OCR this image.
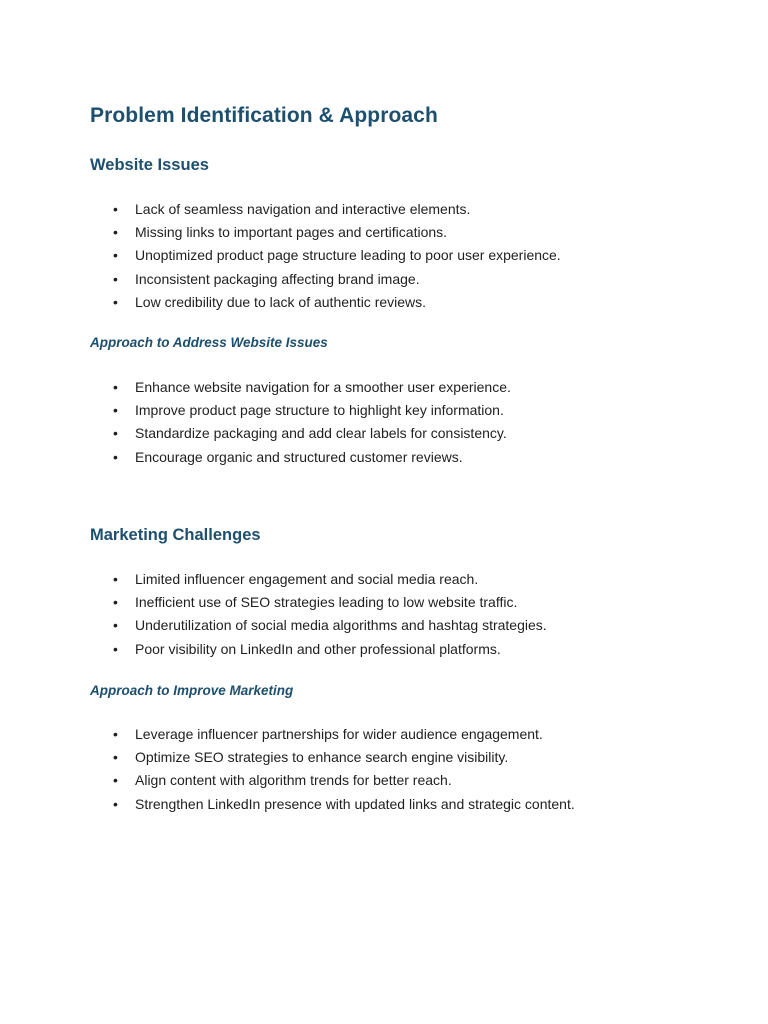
Problem Identification & Approach
Website Issues
• Lack of seamless navigation and interactive elements.
• Missing links to important pages and certifications.
• Unoptimized product page structure leading to poor user experience.
• Inconsistent packaging affecting brand image.
• Low credibility due to lack of authentic reviews.
Approach to Address Website Issues
• Enhance website navigation for a smoother user experience.
• Improve product page structure to highlight key information.
• Standardize packaging and add clear labels for consistency.
• Encourage organic and structured customer reviews.
Marketing Challenges
• Limited influencer engagement and social media reach.
• Inefficient use of SEO strategies leading to low website traffic.
• Underutilization of social media algorithms and hashtag strategies.
• Poor visibility on LinkedIn and other professional platforms.
Approach to Improve Marketing
• Leverage influencer partnerships for wider audience engagement.
• Optimize SEO strategies to enhance search engine visibility.
• Align content with algorithm trends for better reach.
• Strengthen LinkedIn presence with updated links and strategic content.
